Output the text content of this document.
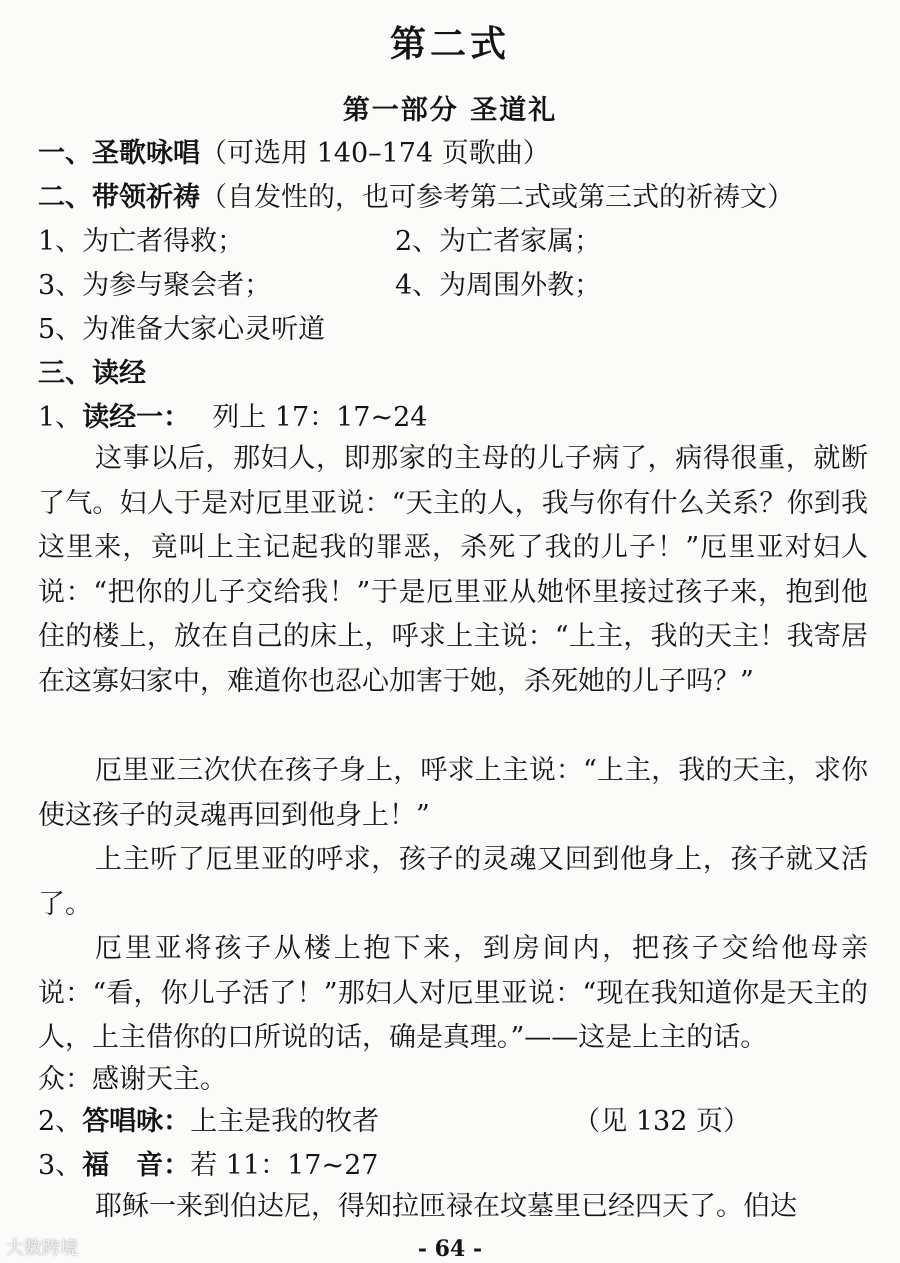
第二式
第一部分 圣道礼
一、圣歌咏唱（可选用 140–174 页歌曲）
二、带领祈祷（自发性的，也可参考第二式或第三式的祈祷文）
1、为亡者得救；	2、为亡者家属；
3、为参与聚会者；	4、为周围外教；
5、为准备大家心灵听道
三、读经
1、读经一： 列上 17：17~24
这事以后，那妇人，即那家的主母的儿子病了，病得很重，就断了气。妇人于是对厄里亚说：“天主的人，我与你有什么关系？你到我这里来，竟叫上主记起我的罪恶，杀死了我的儿子！”厄里亚对妇人说：“把你的儿子交给我！”于是厄里亚从她怀里接过孩子来，抱到他住的楼上，放在自己的床上，呼求上主说：“上主，我的天主！我寄居在这寡妇家中，难道你也忍心加害于她，杀死她的儿子吗？”
厄里亚三次伏在孩子身上，呼求上主说：“上主，我的天主，求你使这孩子的灵魂再回到他身上！”
上主听了厄里亚的呼求，孩子的灵魂又回到他身上，孩子就又活了。
厄里亚将孩子从楼上抱下来，到房间内，把孩子交给他母亲说：“看，你儿子活了！”那妇人对厄里亚说：“现在我知道你是天主的人，上主借你的口所说的话，确是真理。”——这是上主的话。
众：感谢天主。
2、答唱咏：上主是我的牧者	（见 132 页）
3、福　音：若 11：17~27
耶稣一来到伯达尼，得知拉匝禄在坟墓里已经四天了。伯达
- 64 -
大数跨境
